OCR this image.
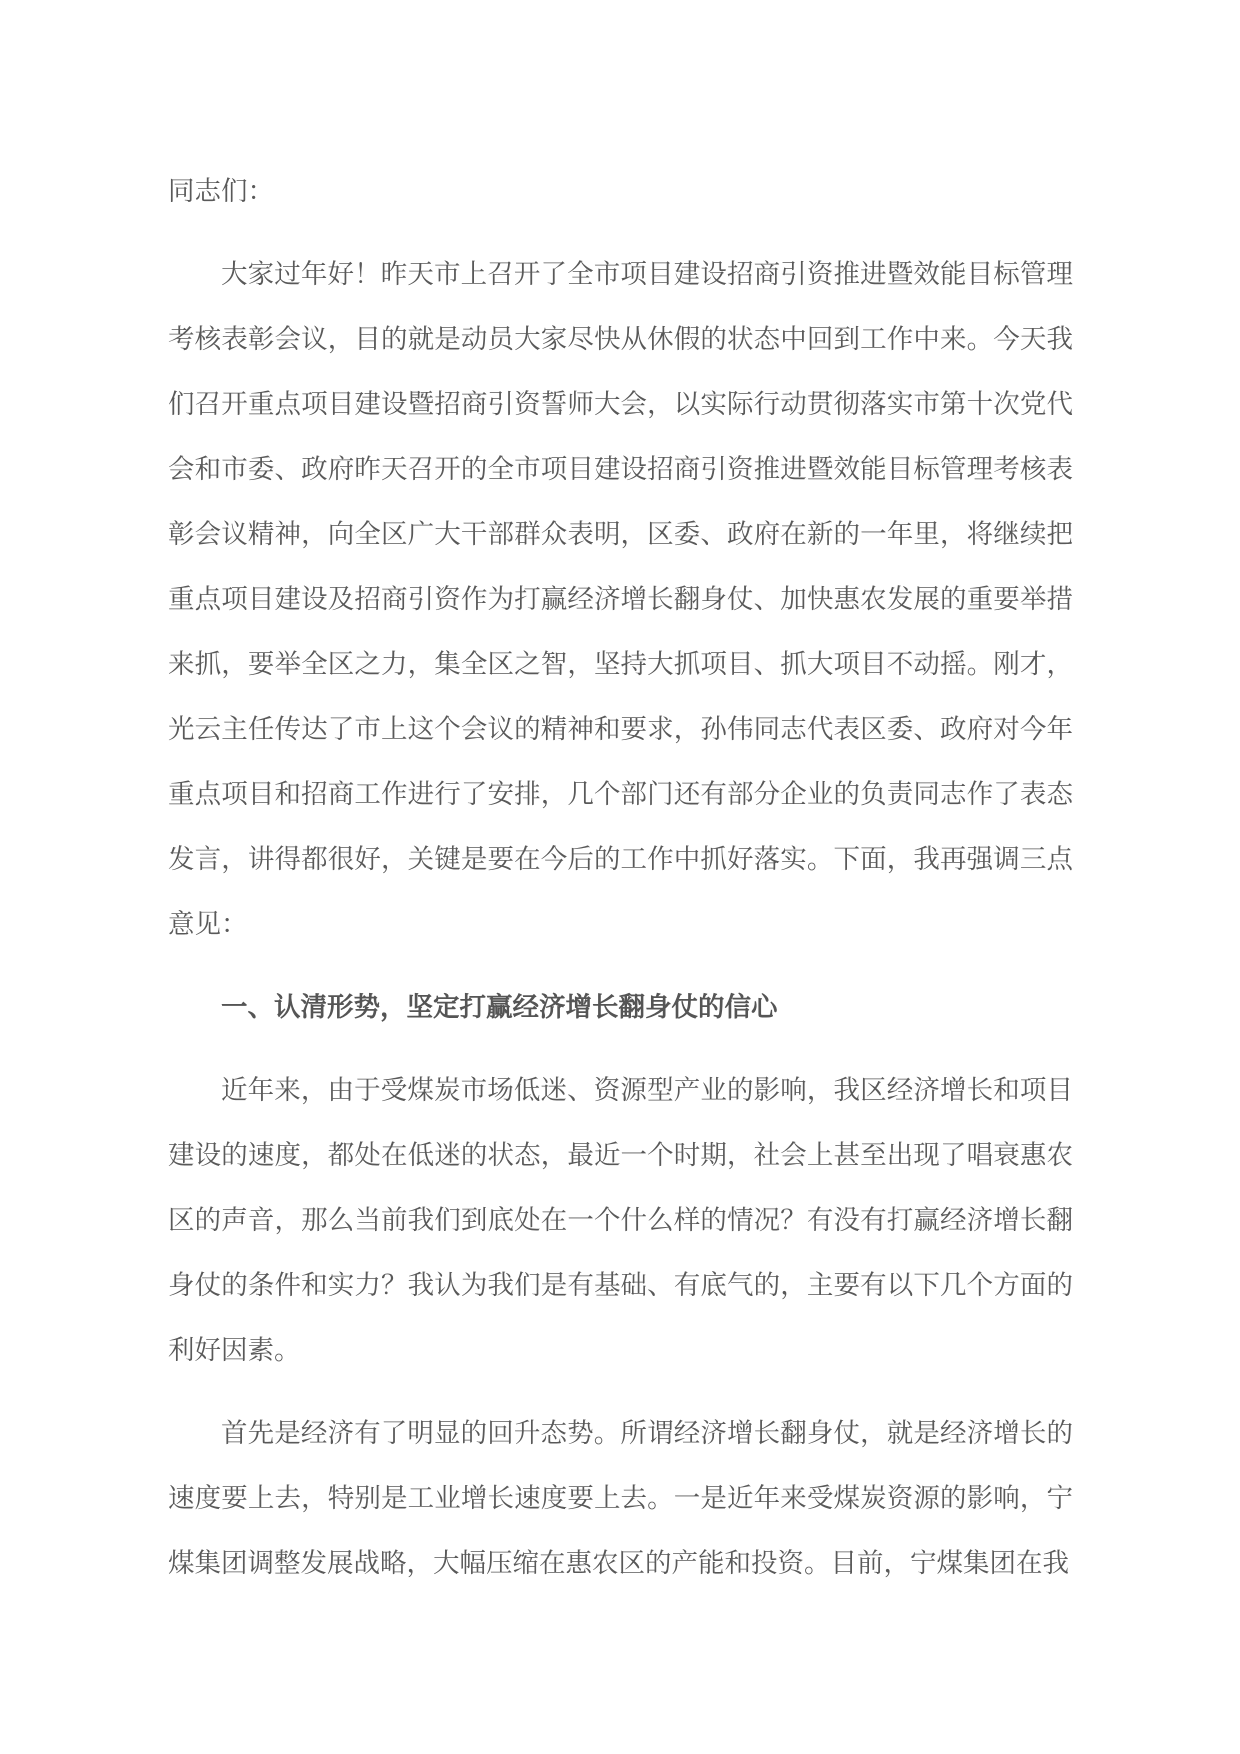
同志们：

大家过年好！昨天市上召开了全市项目建设招商引资推进暨效能目标管理考核表彰会议，目的就是动员大家尽快从休假的状态中回到工作中来。今天我们召开重点项目建设暨招商引资誓师大会，以实际行动贯彻落实市第十次党代会和市委、政府昨天召开的全市项目建设招商引资推进暨效能目标管理考核表彰会议精神，向全区广大干部群众表明，区委、政府在新的一年里，将继续把重点项目建设及招商引资作为打赢经济增长翻身仗、加快惠农发展的重要举措来抓，要举全区之力，集全区之智，坚持大抓项目、抓大项目不动摇。刚才，光云主任传达了市上这个会议的精神和要求，孙伟同志代表区委、政府对今年重点项目和招商工作进行了安排，几个部门还有部分企业的负责同志作了表态发言，讲得都很好，关键是要在今后的工作中抓好落实。下面，我再强调三点意见：

一、认清形势，坚定打赢经济增长翻身仗的信心

近年来，由于受煤炭市场低迷、资源型产业的影响，我区经济增长和项目建设的速度，都处在低迷的状态，最近一个时期，社会上甚至出现了唱衰惠农区的声音，那么当前我们到底处在一个什么样的情况？有没有打赢经济增长翻身仗的条件和实力？我认为我们是有基础、有底气的，主要有以下几个方面的利好因素。

首先是经济有了明显的回升态势。所谓经济增长翻身仗，就是经济增长的速度要上去，特别是工业增长速度要上去。一是近年来受煤炭资源的影响，宁煤集团调整发展战略，大幅压缩在惠农区的产能和投资。目前，宁煤集团在我
